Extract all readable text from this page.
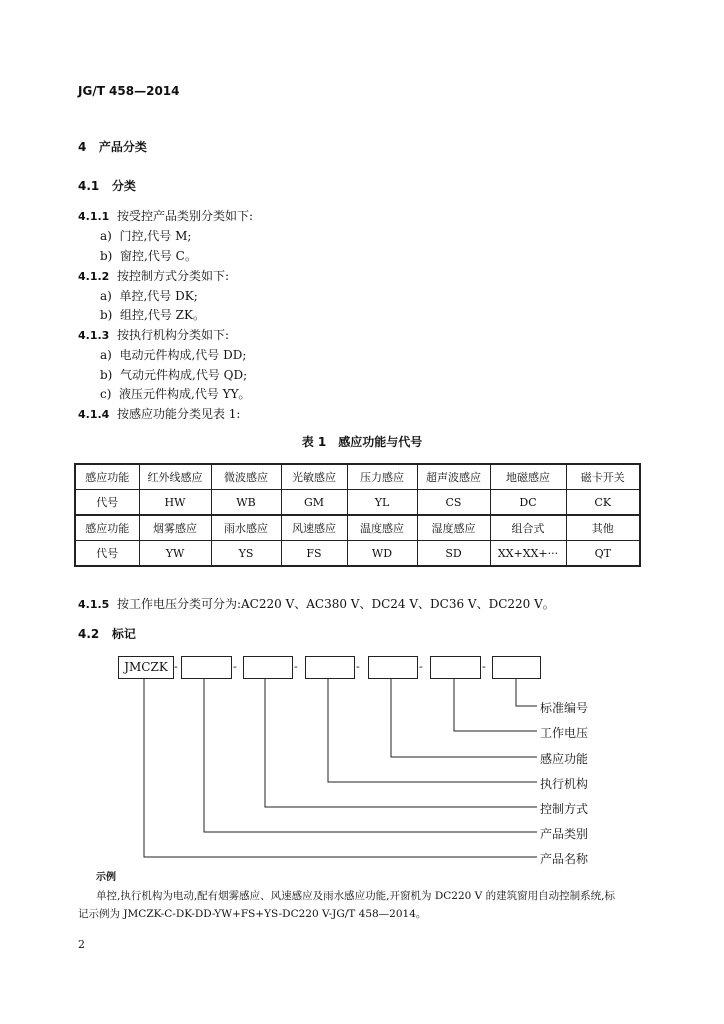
JG/T 458—2014
4 产品分类
4.1 分类
4.1.1 按受控产品类别分类如下:
a) 门控,代号 M;
b) 窗控,代号 C。
4.1.2 按控制方式分类如下:
a) 单控,代号 DK;
b) 组控,代号 ZK。
4.1.3 按执行机构分类如下:
a) 电动元件构成,代号 DD;
b) 气动元件构成,代号 QD;
c) 液压元件构成,代号 YY。
4.1.4 按感应功能分类见表 1:
表 1　感应功能与代号
感应功能	红外线感应	微波感应	光敏感应	压力感应	超声波感应	地磁感应	磁卡开关
代号	HW	WB	GM	YL	CS	DC	CK
感应功能	烟雾感应	雨水感应	风速感应	温度感应	湿度感应	组合式	其他
代号	YW	YS	FS	WD	SD	XX+XX+···	QT
4.1.5 按工作电压分类可分为:AC220 V、AC380 V、DC24 V、DC36 V、DC220 V。
4.2 标记
JMCZK -	-	-	-	-	-
标准编号
工作电压
感应功能
执行机构
控制方式
产品类别
产品名称
示例
单控,执行机构为电动,配有烟雾感应、风速感应及雨水感应功能,开窗机为 DC220 V 的建筑窗用自动控制系统,标
记示例为 JMCZK-C-DK-DD-YW+FS+YS-DC220 V-JG/T 458—2014。
2
